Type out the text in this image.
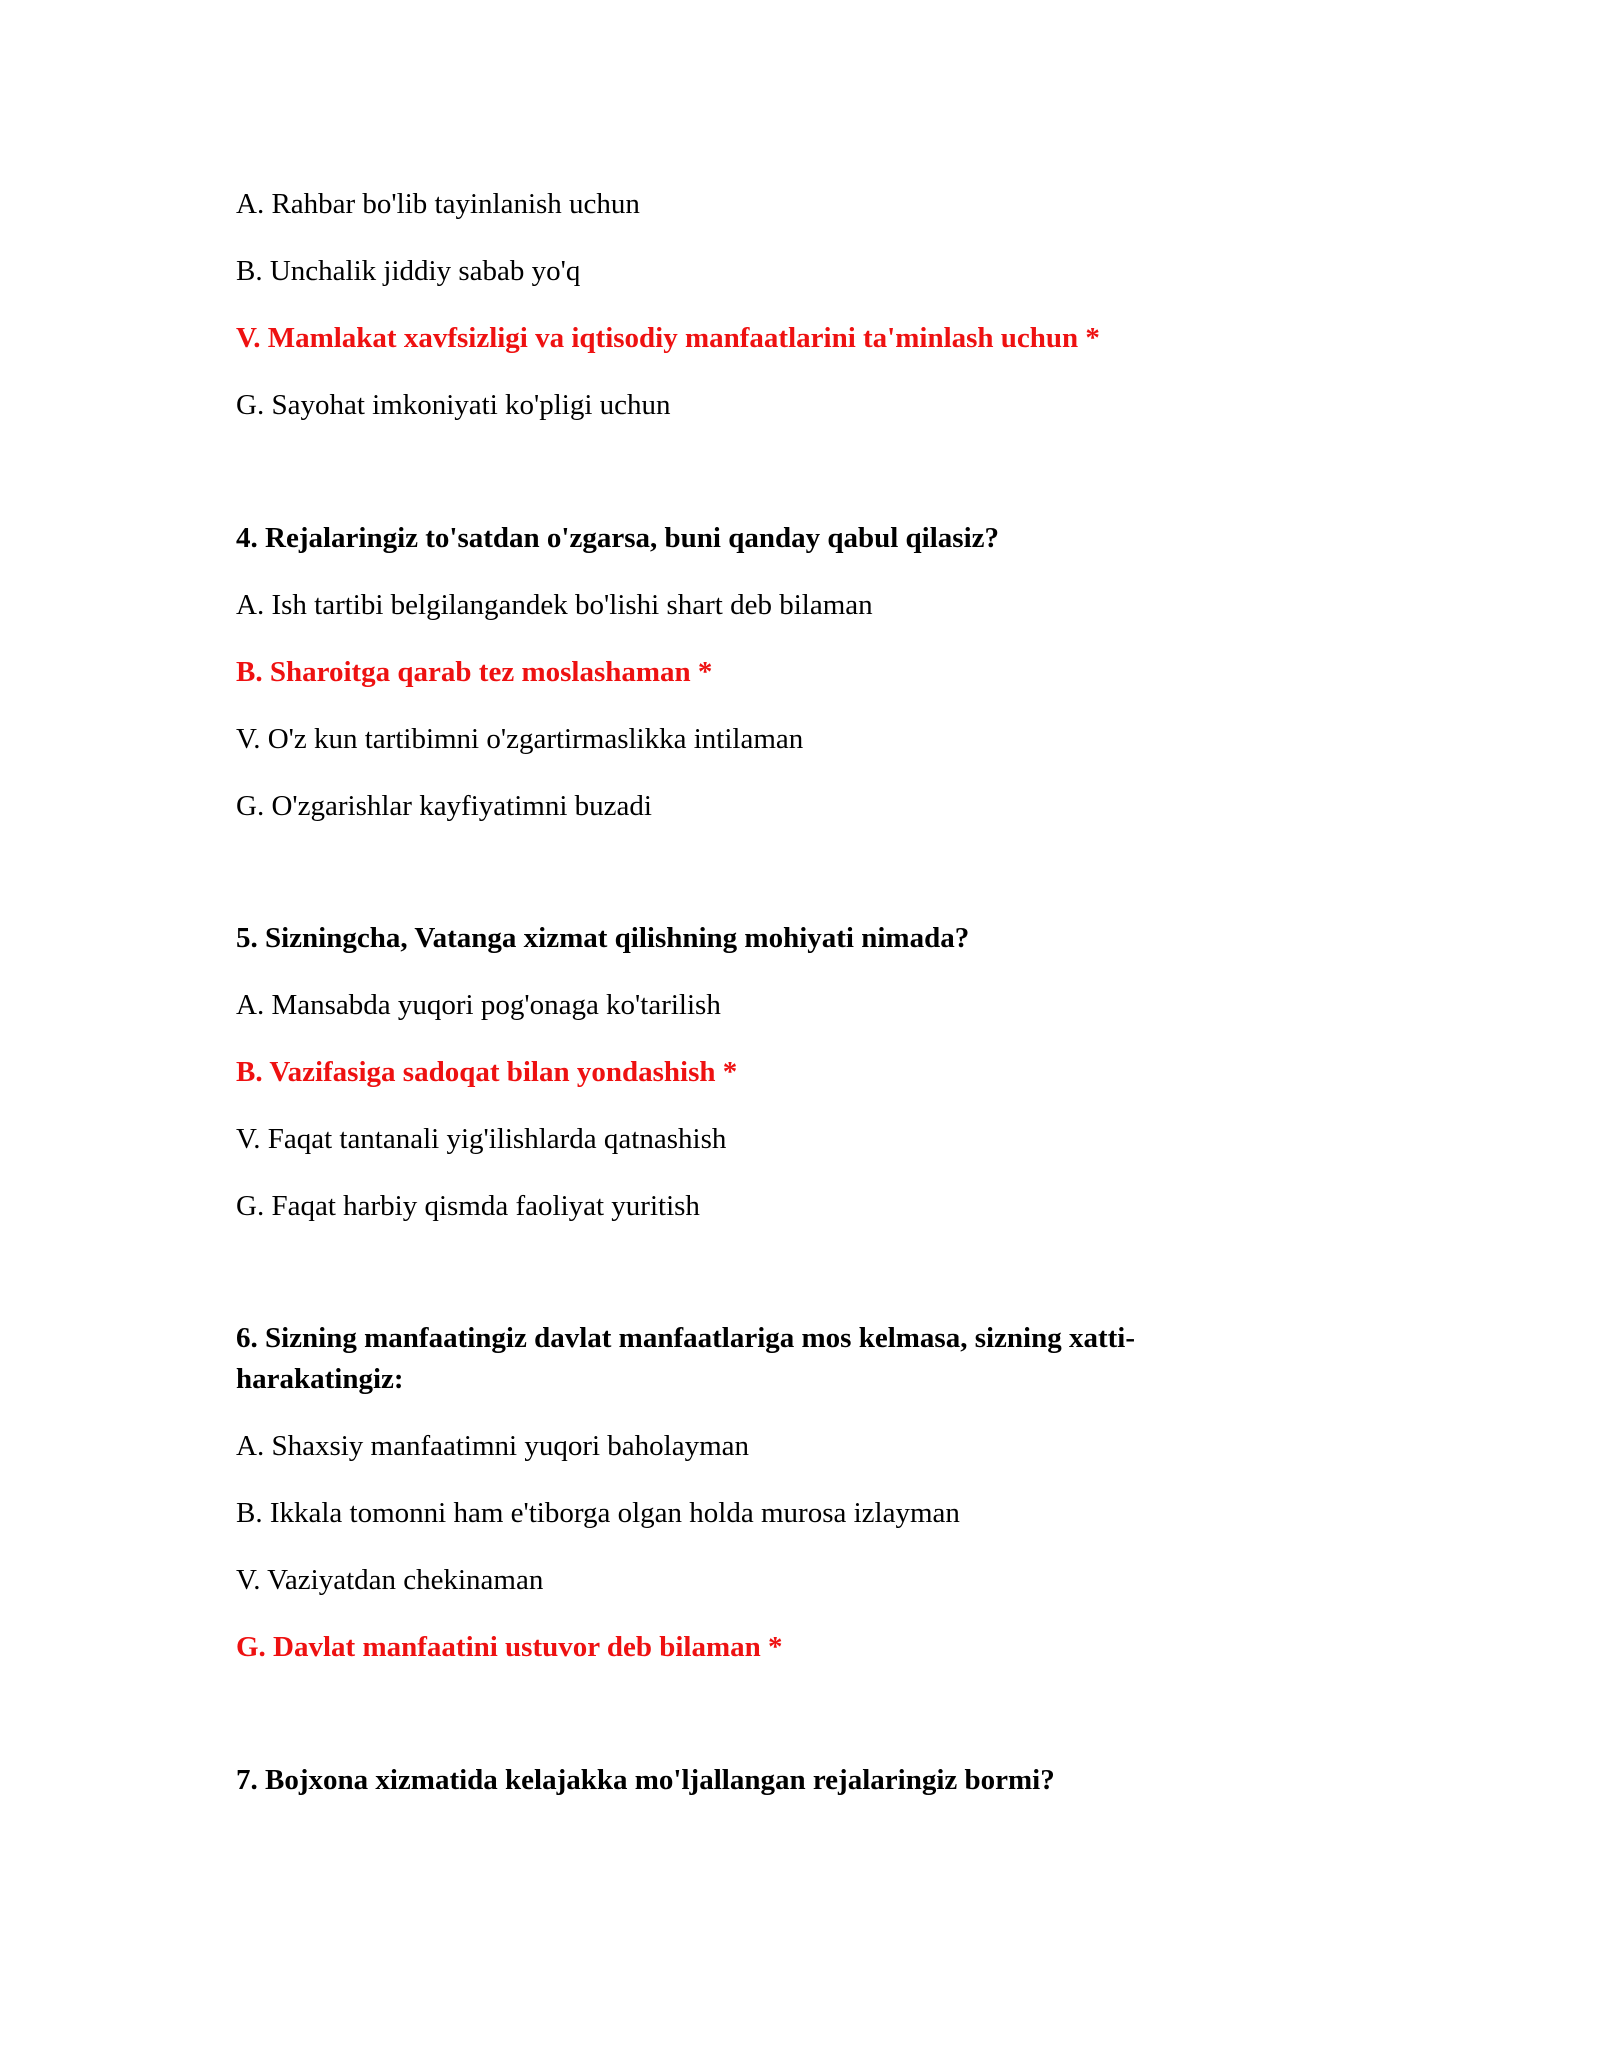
A. Rahbar bo'lib tayinlanish uchun
B. Unchalik jiddiy sabab yo'q
V. Mamlakat xavfsizligi va iqtisodiy manfaatlarini ta'minlash uchun *
G. Sayohat imkoniyati ko'pligi uchun
4. Rejalaringiz to'satdan o'zgarsa, buni qanday qabul qilasiz?
A. Ish tartibi belgilangandek bo'lishi shart deb bilaman
B. Sharoitga qarab tez moslashaman *
V. O'z kun tartibimni o'zgartirmaslikka intilaman
G. O'zgarishlar kayfiyatimni buzadi
5. Sizningcha, Vatanga xizmat qilishning mohiyati nimada?
A. Mansabda yuqori pog'onaga ko'tarilish
B. Vazifasiga sadoqat bilan yondashish *
V. Faqat tantanali yig'ilishlarda qatnashish
G. Faqat harbiy qismda faoliyat yuritish
6. Sizning manfaatingiz davlat manfaatlariga mos kelmasa, sizning xatti-
harakatingiz:
A. Shaxsiy manfaatimni yuqori baholayman
B. Ikkala tomonni ham e'tiborga olgan holda murosa izlayman
V. Vaziyatdan chekinaman
G. Davlat manfaatini ustuvor deb bilaman *
7. Bojxona xizmatida kelajakka mo'ljallangan rejalaringiz bormi?
